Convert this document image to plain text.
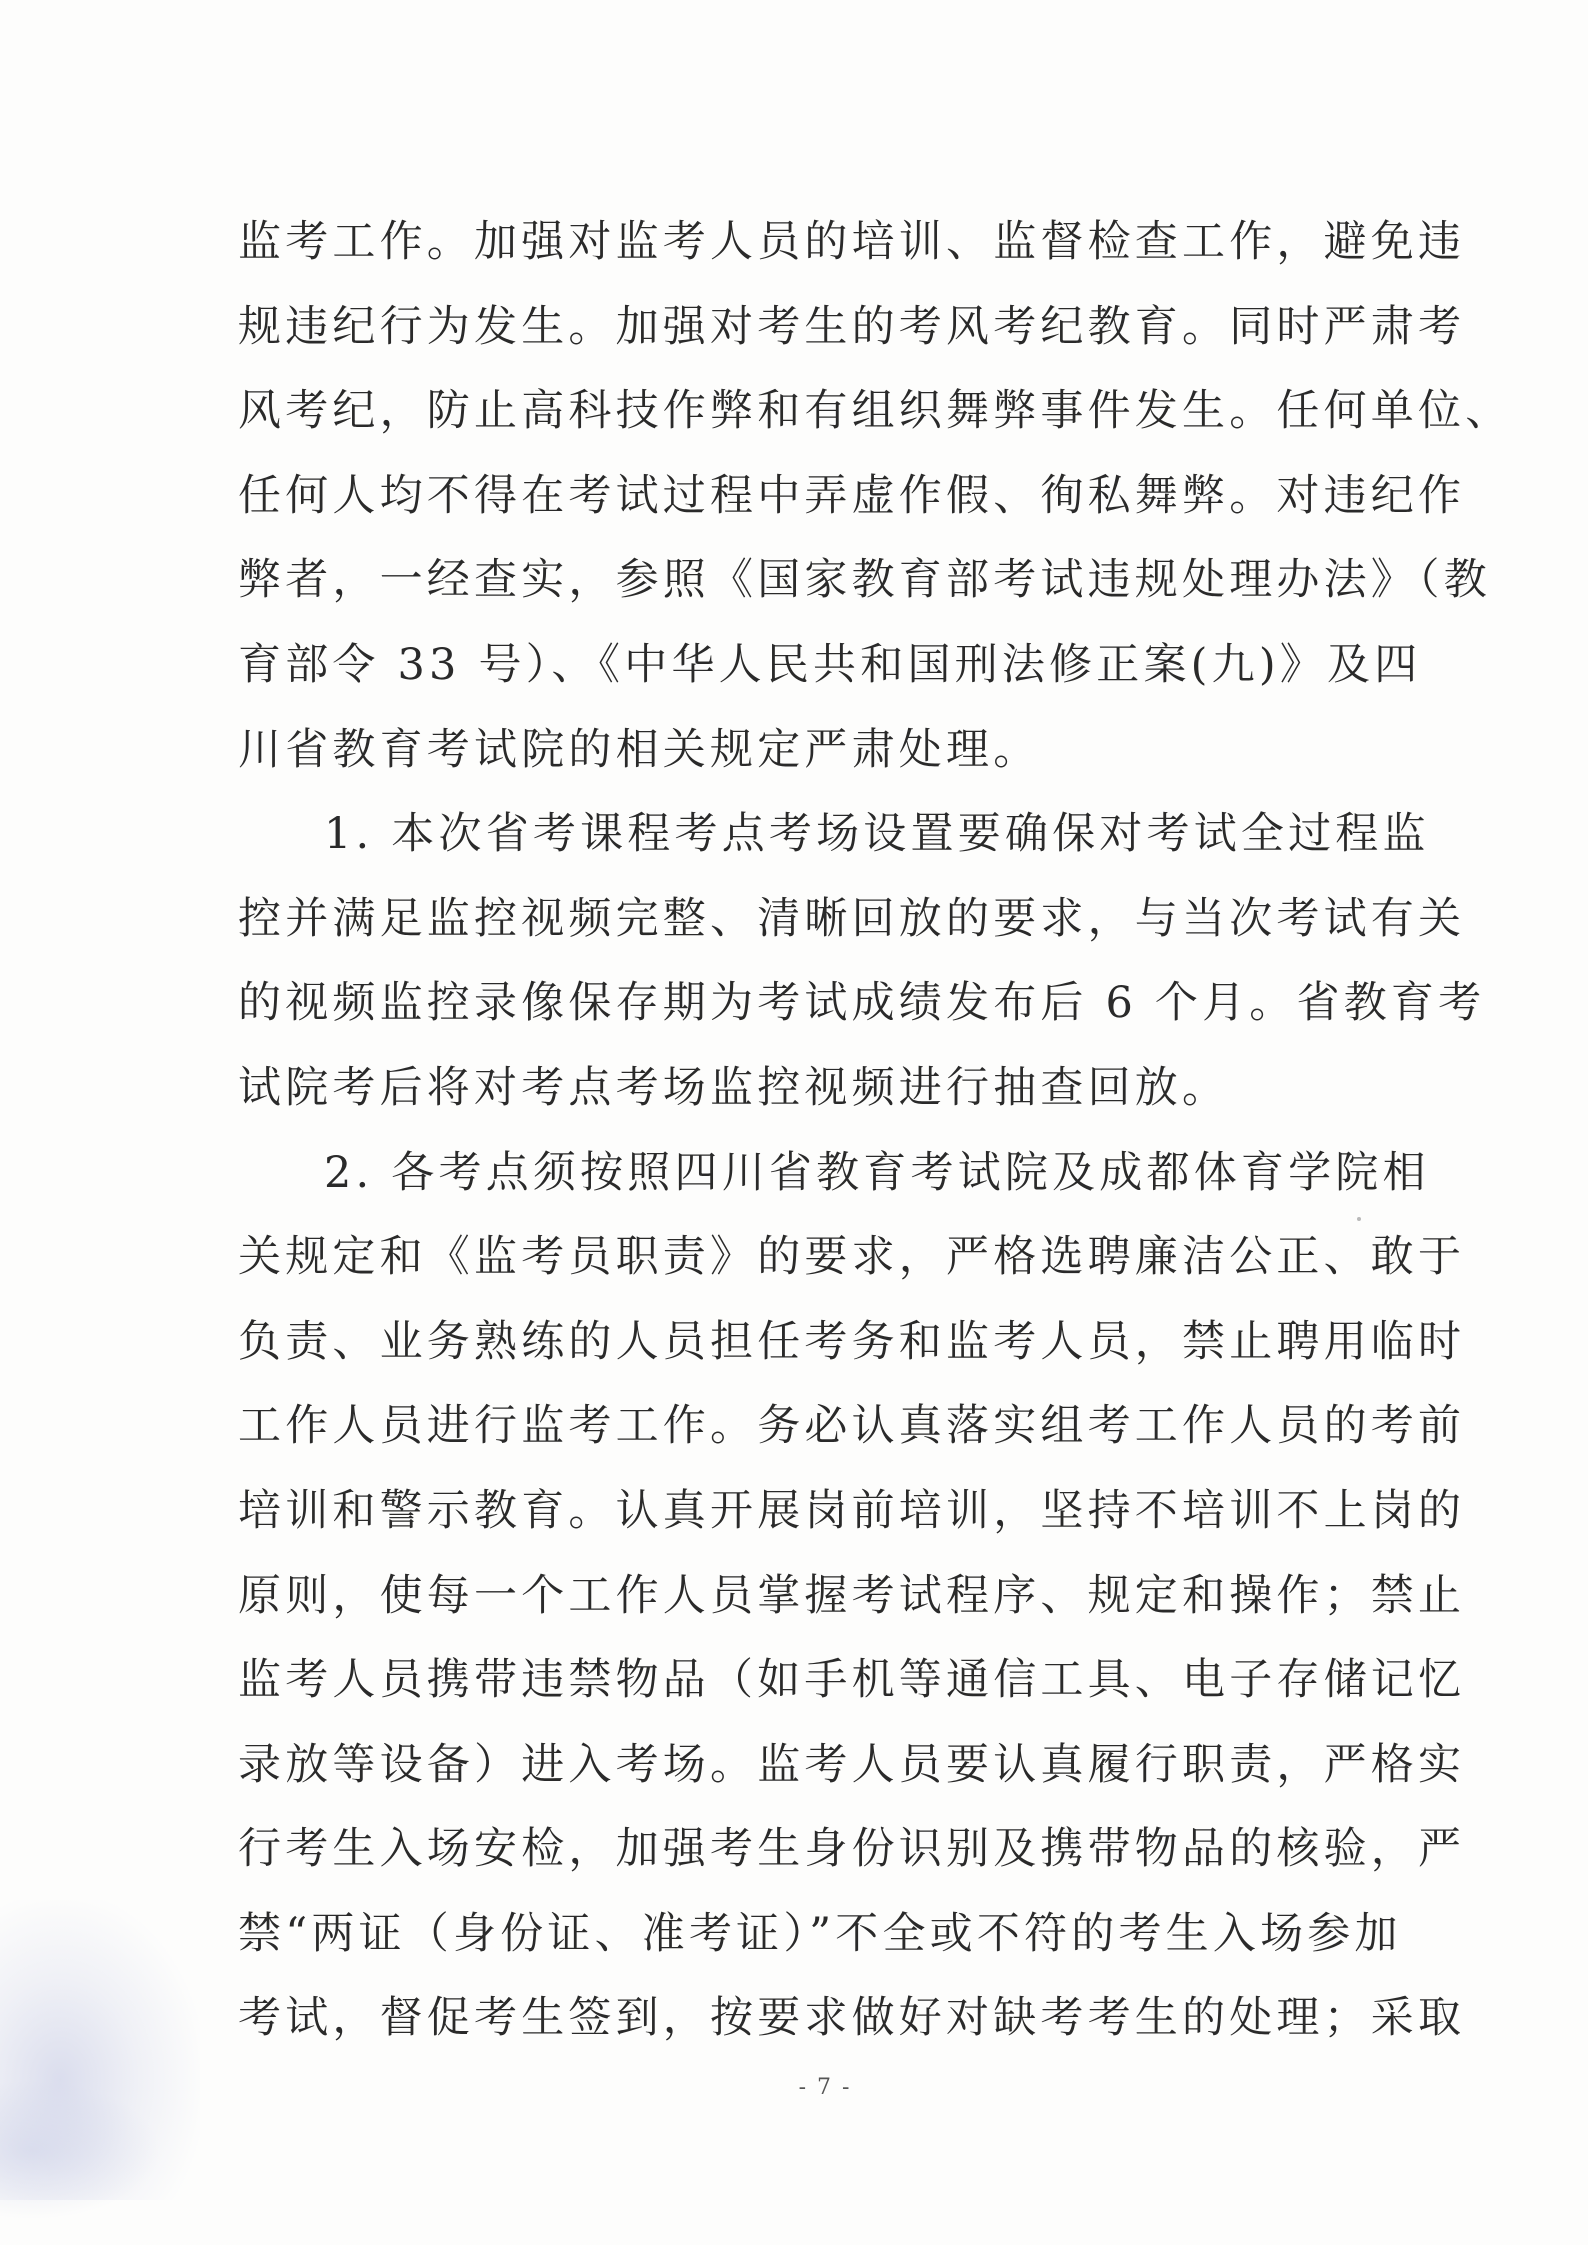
监考工作。加强对监考人员的培训、监督检查工作，避免违
规违纪行为发生。加强对考生的考风考纪教育。同时严肃考
风考纪，防止高科技作弊和有组织舞弊事件发生。任何单位、
任何人均不得在考试过程中弄虚作假、徇私舞弊。对违纪作
弊者，一经查实，参照《国家教育部考试违规处理办法》（教
育部令 33 号）、《中华人民共和国刑法修正案(九)》及四
川省教育考试院的相关规定严肃处理。
1. 本次省考课程考点考场设置要确保对考试全过程监
控并满足监控视频完整、清晰回放的要求，与当次考试有关
的视频监控录像保存期为考试成绩发布后 6 个月。省教育考
试院考后将对考点考场监控视频进行抽查回放。
2. 各考点须按照四川省教育考试院及成都体育学院相
关规定和《监考员职责》的要求，严格选聘廉洁公正、敢于
负责、业务熟练的人员担任考务和监考人员，禁止聘用临时
工作人员进行监考工作。务必认真落实组考工作人员的考前
培训和警示教育。认真开展岗前培训，坚持不培训不上岗的
原则，使每一个工作人员掌握考试程序、规定和操作；禁止
监考人员携带违禁物品（如手机等通信工具、电子存储记忆
录放等设备）进入考场。监考人员要认真履行职责，严格实
行考生入场安检，加强考生身份识别及携带物品的核验，严
禁“两证（身份证、准考证）”不全或不符的考生入场参加
考试，督促考生签到，按要求做好对缺考考生的处理；采取
- 7 -
